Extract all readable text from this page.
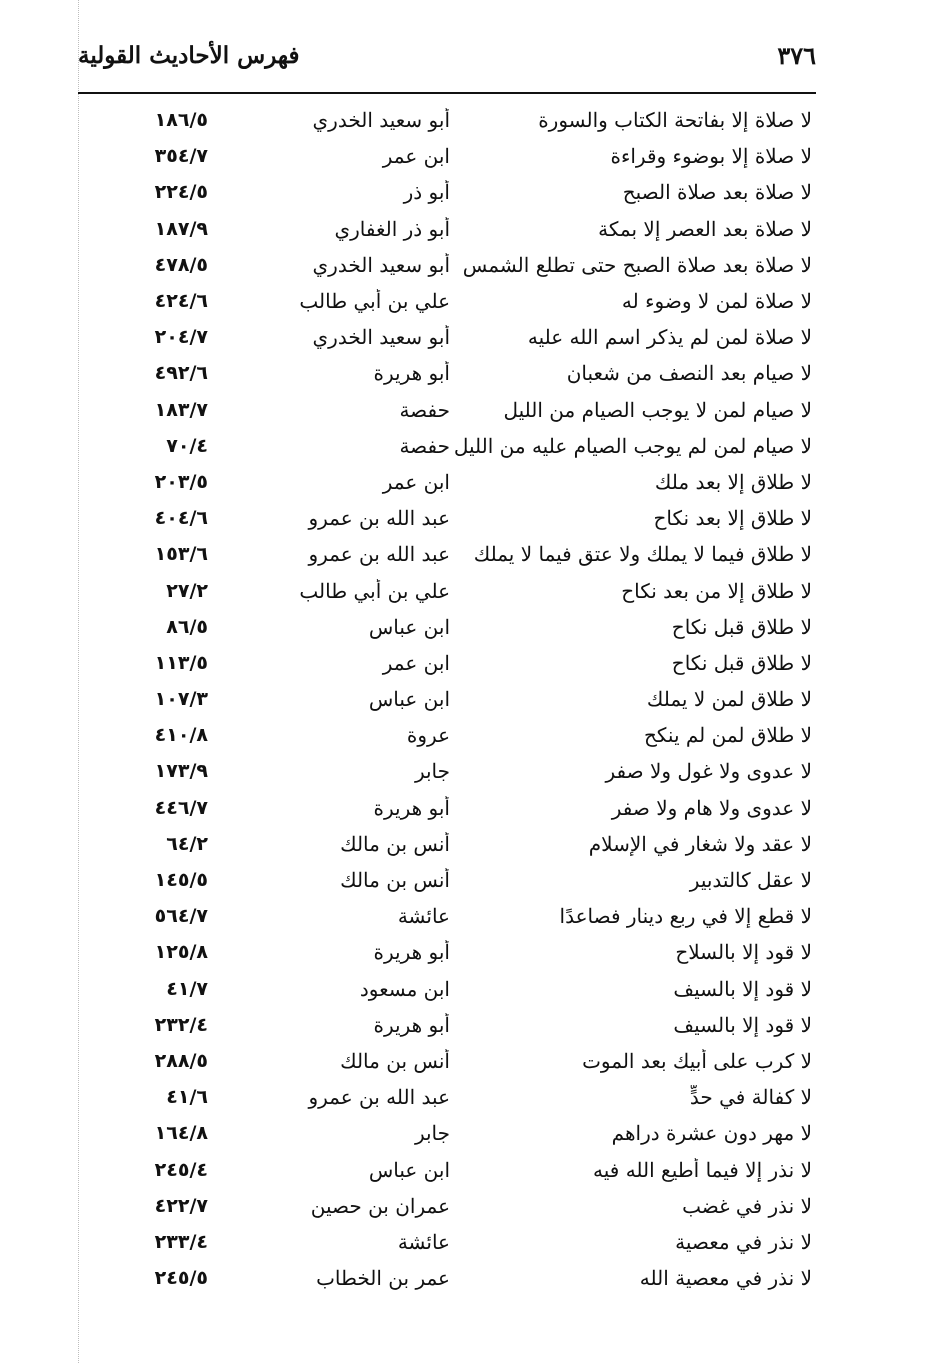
٣٧٦
فهرس الأحاديث القولية
لا صلاة إلا بفاتحة الكتاب والسورة
أبو سعيد الخدري
١٨٦/٥
لا صلاة إلا بوضوء وقراءة
ابن عمر
٣٥٤/٧
لا صلاة بعد صلاة الصبح
أبو ذر
٢٢٤/٥
لا صلاة بعد العصر إلا بمكة
أبو ذر الغفاري
١٨٧/٩
لا صلاة بعد صلاة الصبح حتى تطلع الشمس
أبو سعيد الخدري
٤٧٨/٥
لا صلاة لمن لا وضوء له
علي بن أبي طالب
٤٢٤/٦
لا صلاة لمن لم يذكر اسم الله عليه
أبو سعيد الخدري
٢٠٤/٧
لا صيام بعد النصف من شعبان
أبو هريرة
٤٩٢/٦
لا صيام لمن لا يوجب الصيام من الليل
حفصة
١٨٣/٧
لا صيام لمن لم يوجب الصيام عليه من الليل
حفصة
٧٠/٤
لا طلاق إلا بعد ملك
ابن عمر
٢٠٣/٥
لا طلاق إلا بعد نكاح
عبد الله بن عمرو
٤٠٤/٦
لا طلاق فيما لا يملك ولا عتق فيما لا يملك
عبد الله بن عمرو
١٥٣/٦
لا طلاق إلا من بعد نكاح
علي بن أبي طالب
٢٧/٢
لا طلاق قبل نكاح
ابن عباس
٨٦/٥
لا طلاق قبل نكاح
ابن عمر
١١٣/٥
لا طلاق لمن لا يملك
ابن عباس
١٠٧/٣
لا طلاق لمن لم ينكح
عروة
٤١٠/٨
لا عدوى ولا غول ولا صفر
جابر
١٧٣/٩
لا عدوى ولا هام ولا صفر
أبو هريرة
٤٤٦/٧
لا عقد ولا شغار في الإسلام
أنس بن مالك
٦٤/٢
لا عقل كالتدبير
أنس بن مالك
١٤٥/٥
لا قطع إلا في ربع دينار فصاعدًا
عائشة
٥٦٤/٧
لا قود إلا بالسلاح
أبو هريرة
١٢٥/٨
لا قود إلا بالسيف
ابن مسعود
٤١/٧
لا قود إلا بالسيف
أبو هريرة
٢٣٢/٤
لا كرب على أبيك بعد الموت
أنس بن مالك
٢٨٨/٥
لا كفالة في حدٍّ
عبد الله بن عمرو
٤١/٦
لا مهر دون عشرة دراهم
جابر
١٦٤/٨
لا نذر إلا فيما أطيع الله فيه
ابن عباس
٢٤٥/٤
لا نذر في غضب
عمران بن حصين
٤٢٢/٧
لا نذر في معصية
عائشة
٢٣٣/٤
لا نذر في معصية الله
عمر بن الخطاب
٢٤٥/٥
